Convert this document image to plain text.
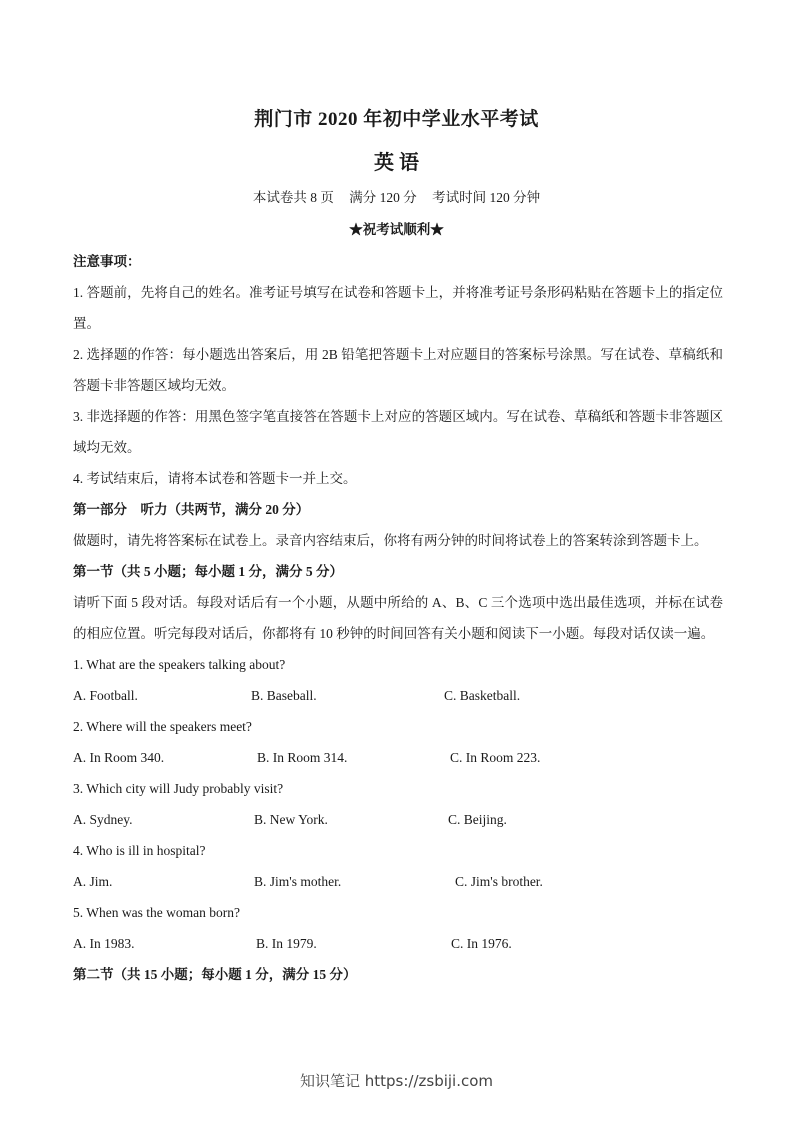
荆门市 2020 年初中学业水平考试
英 语
本试卷共 8 页 满分 120 分 考试时间 120 分钟
★祝考试顺利★
注意事项：
1. 答题前，先将自己的姓名。准考证号填写在试卷和答题卡上，并将准考证号条形码粘贴在答题卡上的指定位置。
2. 选择题的作答：每小题选出答案后，用 2B 铅笔把答题卡上对应题目的答案标号涂黑。写在试卷、草稿纸和答题卡非答题区域均无效。
3. 非选择题的作答：用黑色签字笔直接答在答题卡上对应的答题区域内。写在试卷、草稿纸和答题卡非答题区域均无效。
4. 考试结束后，请将本试卷和答题卡一并上交。
第一部分　听力（共两节，满分 20 分）
做题时，请先将答案标在试卷上。录音内容结束后，你将有两分钟的时间将试卷上的答案转涂到答题卡上。
第一节（共 5 小题；每小题 1 分，满分 5 分）
请听下面 5 段对话。每段对话后有一个小题，从题中所给的 A、B、C 三个选项中选出最佳选项，并标在试卷的相应位置。听完每段对话后，你都将有 10 秒钟的时间回答有关小题和阅读下一小题。每段对话仅读一遍。
1. What are the speakers talking about?
A. Football.	B. Baseball.	C. Basketball.
2. Where will the speakers meet?
A. In Room 340.	B. In Room 314.	C. In Room 223.
3. Which city will Judy probably visit?
A. Sydney.	B. New York.	C. Beijing.
4. Who is ill in hospital?
A. Jim.	B. Jim's mother.	C. Jim's brother.
5. When was the woman born?
A. In 1983.	B. In 1979.	C. In 1976.
第二节（共 15 小题；每小题 1 分，满分 15 分）
知识笔记 https://zsbiji.com
